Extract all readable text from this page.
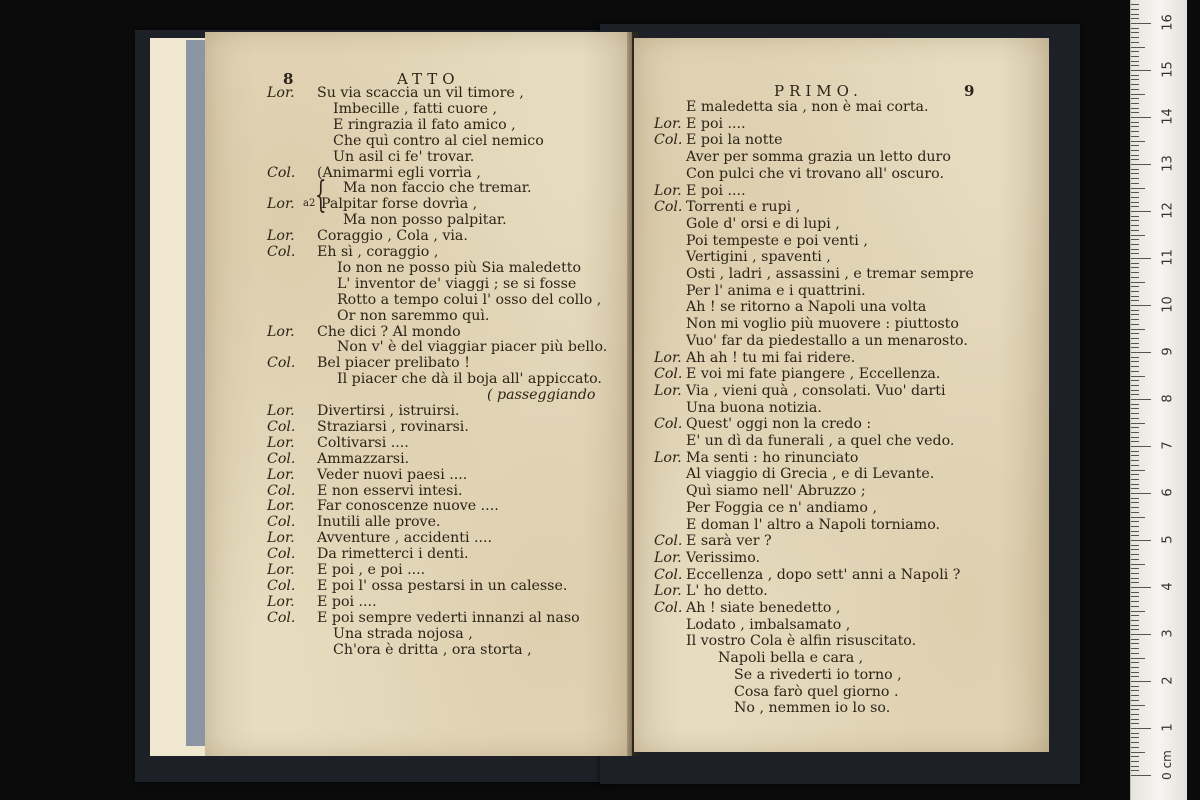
8	ATTO
Lor. Su via scaccia un vil timore ,
Imbecille , fatti cuore ,
E ringrazia il fato amico ,
Che quì contro al ciel nemico
Un asil ci fe' trovar.
Col. (Animarmi egli vorrìa ,
Ma non faccio che tremar.
Lor. Palpitar forse dovrìa ,
Ma non posso palpitar.
Lor. Coraggio , Cola , via.
Col. Eh sì , coraggio ,
Io non ne posso più Sia maledetto
L' inventor de' viaggi ; se si fosse
Rotto a tempo colui l' osso del collo ,
Or non saremmo quì.
Lor. Che dici ? Al mondo
Non v' è del viaggiar piacer più bello.
Col. Bel piacer prelibato !
Il piacer che dà il boja all' appiccato.
( passeggiando
Lor. Divertirsi , istruirsi.
Col. Straziarsi , rovinarsi.
Lor. Coltivarsi ....
Col. Ammazzarsi.
Lor. Veder nuovi paesi ....
Col. E non esservi intesi.
Lor. Far conoscenze nuove ....
Col. Inutili alle prove.
Lor. Avventure , accidenti ....
Col. Da rimetterci i denti.
Lor. E poi , e poi ....
Col. E poi l' ossa pestarsi in un calesse.
Lor. E poi ....
Col. E poi sempre vederti innanzi al naso
Una strada nojosa ,
Ch'ora è dritta , ora storta ,
a2 {
PRIMO.	9
E maledetta sia , non è mai corta.
Lor. E poi ....
Col. E poi la notte
Aver per somma grazia un letto duro
Con pulci che vi trovano all' oscuro.
Lor. E poi ....
Col. Torrenti e rupi ,
Gole d' orsi e di lupi ,
Poi tempeste e poi venti ,
Vertigini , spaventi ,
Osti , ladri , assassini , e tremar sempre
Per l' anima e i quattrini.
Ah ! se ritorno a Napoli una volta
Non mi voglio più muovere : piuttosto
Vuo' far da piedestallo a un menarosto.
Lor. Ah ah ! tu mi fai ridere.
Col. E voi mi fate piangere , Eccellenza.
Lor. Via , vieni quà , consolati. Vuo' darti
Una buona notizia.
Col. Quest' oggi non la credo :
E' un dì da funerali , a quel che vedo.
Lor. Ma senti : ho rinunciato
Al viaggio di Grecia , e di Levante.
Quì siamo nell' Abruzzo ;
Per Foggia ce n' andiamo ,
E doman l' altro a Napoli torniamo.
Col. E sarà ver ?
Lor. Verissimo.
Col. Eccellenza , dopo sett' anni a Napoli ?
Lor. L' ho detto.
Col. Ah ! siate benedetto ,
Lodato , imbalsamato ,
Il vostro Cola è alfin risuscitato.
Napoli bella e cara ,
Se a rivederti io torno ,
Cosa farò quel giorno .
No , nemmen io lo so.
0 cm
1
2
3
4
5
6
7
8
9
10
11
12
13
14
15
16
